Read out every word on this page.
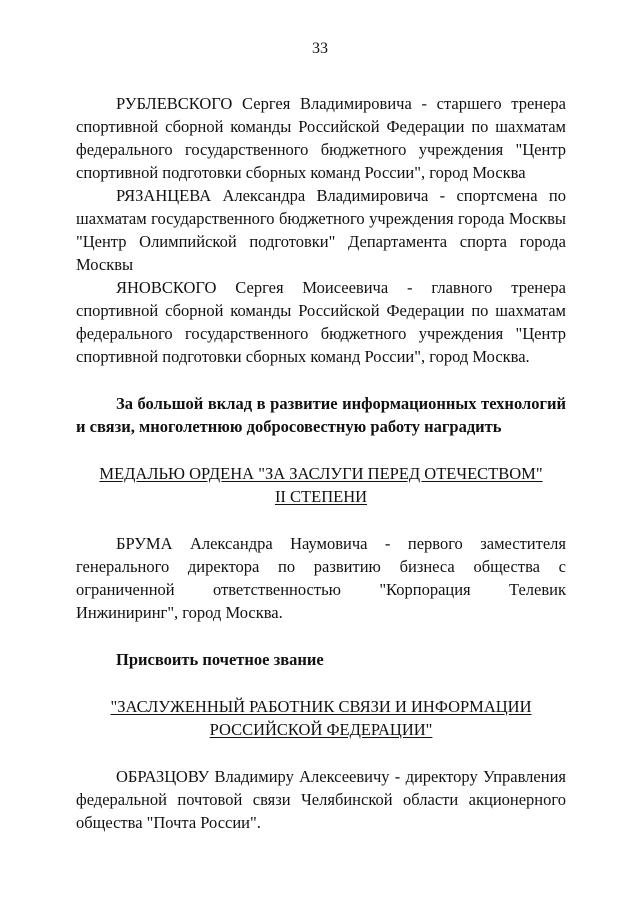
33

РУБЛЕВСКОГО Сергея Владимировича - старшего тренера спортивной сборной команды Российской Федерации по шахматам федерального государственного бюджетного учреждения "Центр спортивной подготовки сборных команд России", город Москва

РЯЗАНЦЕВА Александра Владимировича - спортсмена по шахматам государственного бюджетного учреждения города Москвы "Центр Олимпийской подготовки" Департамента спорта города Москвы

ЯНОВСКОГО Сергея Моисеевича - главного тренера спортивной сборной команды Российской Федерации по шахматам федерального государственного бюджетного учреждения "Центр спортивной подготовки сборных команд России", город Москва.

За большой вклад в развитие информационных технологий и связи, многолетнюю добросовестную работу наградить

МЕДАЛЬЮ ОРДЕНА "ЗА ЗАСЛУГИ ПЕРЕД ОТЕЧЕСТВОМ"

II СТЕПЕНИ

БРУМА Александра Наумовича - первого заместителя генерального директора по развитию бизнеса общества с ограниченной ответственностью "Корпорация Телевик Инжиниринг", город Москва.

Присвоить почетное звание

"ЗАСЛУЖЕННЫЙ РАБОТНИК СВЯЗИ И ИНФОРМАЦИИ

РОССИЙСКОЙ ФЕДЕРАЦИИ"

ОБРАЗЦОВУ Владимиру Алексеевичу - директору Управления федеральной почтовой связи Челябинской области акционерного общества "Почта России".
